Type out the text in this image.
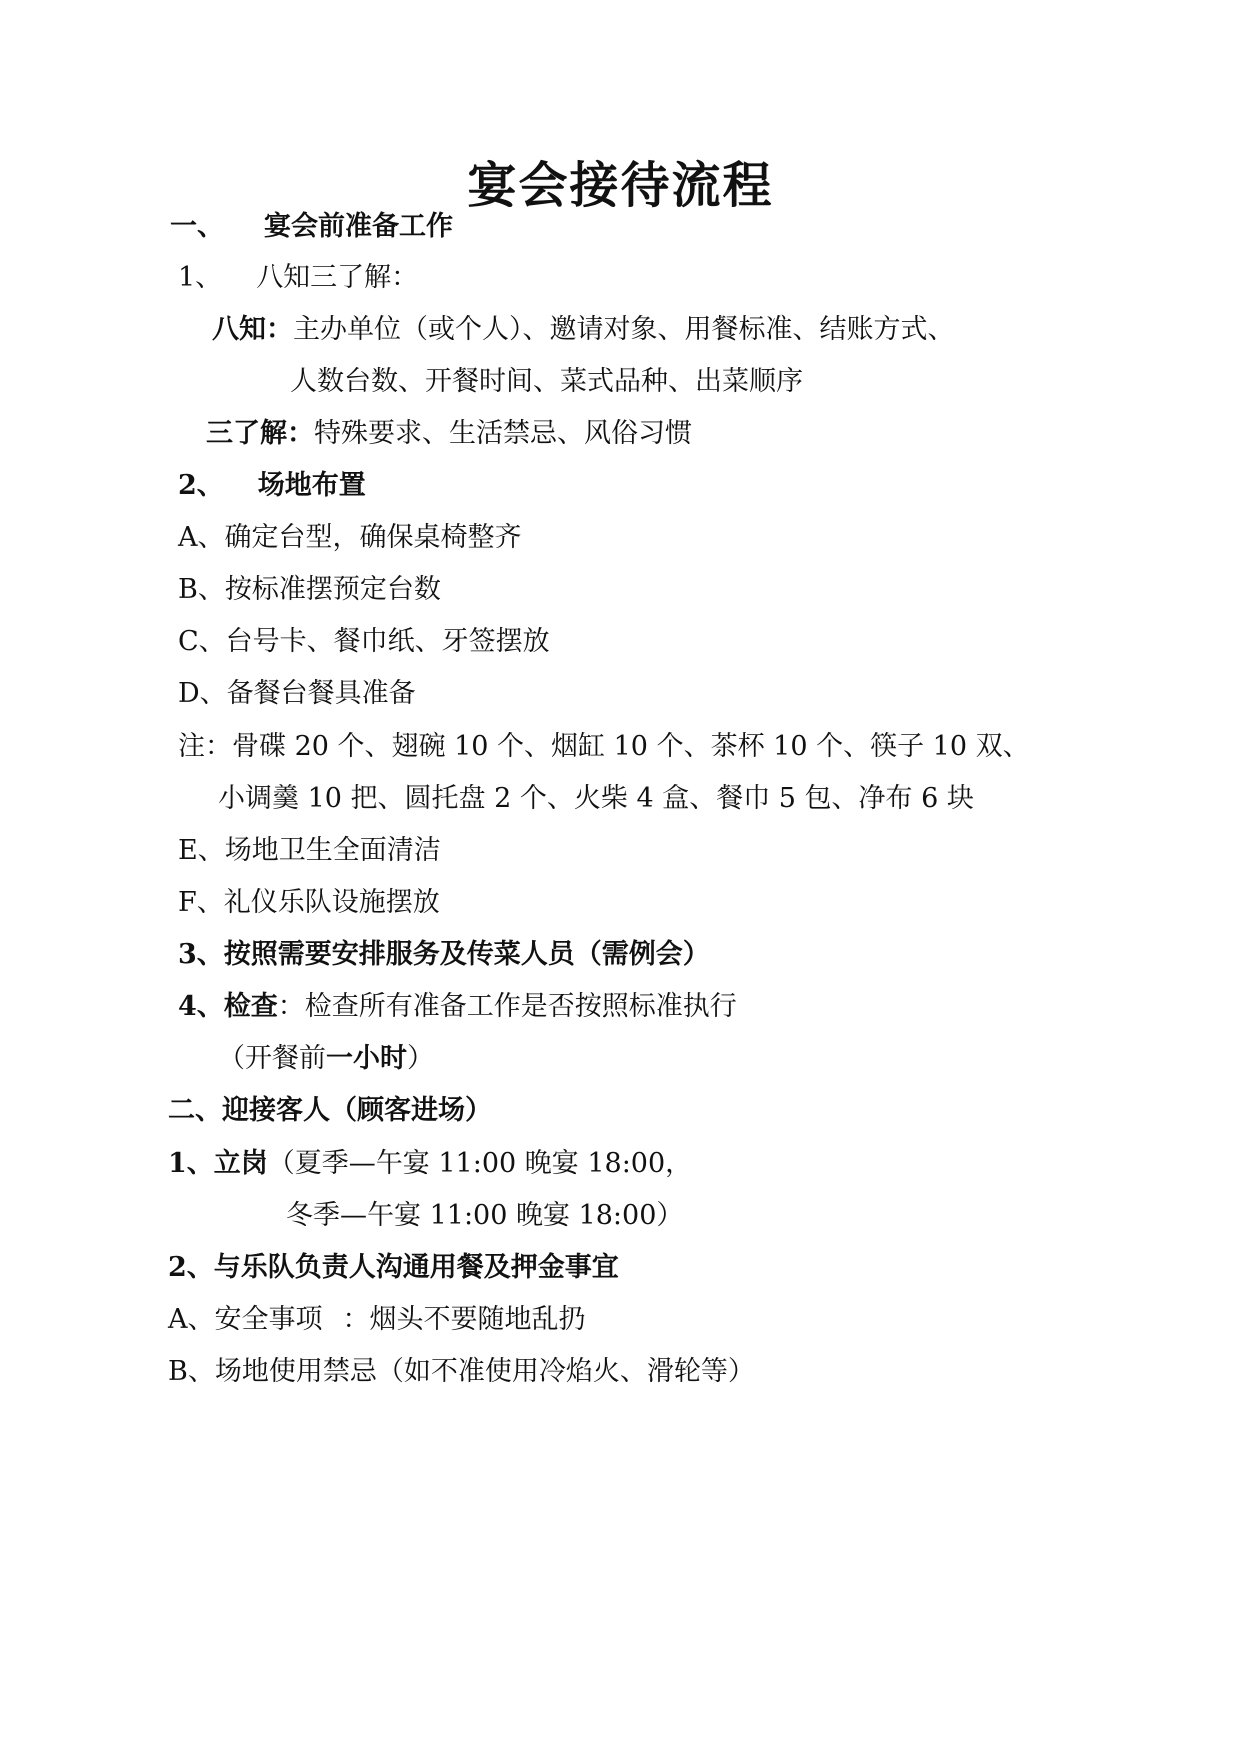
宴会接待流程
一、 宴会前准备工作
1、 八知三了解：
八知：主办单位（或个人）、邀请对象、用餐标准、结账方式、
人数台数、开餐时间、菜式品种、出菜顺序
三了解：特殊要求、生活禁忌、风俗习惯
2、 场地布置
A、确定台型，确保桌椅整齐
B、按标准摆预定台数
C、台号卡、餐巾纸、牙签摆放
D、备餐台餐具准备
注：骨碟 20 个、翅碗 10 个、烟缸 10 个、茶杯 10 个、筷子 10 双、
小调羹 10 把、圆托盘 2 个、火柴 4 盒、餐巾 5 包、净布 6 块
E、场地卫生全面清洁
F、礼仪乐队设施摆放
3、按照需要安排服务及传菜人员（需例会）
4、检查：检查所有准备工作是否按照标准执行
（开餐前一小时）
二、迎接客人（顾客进场）
1、立岗（夏季—午宴 11:00 晚宴 18:00，
冬季—午宴 11:00 晚宴 18:00）
2、与乐队负责人沟通用餐及押金事宜
A、安全事项 ：烟头不要随地乱扔
B、场地使用禁忌（如不准使用冷焰火、滑轮等）
